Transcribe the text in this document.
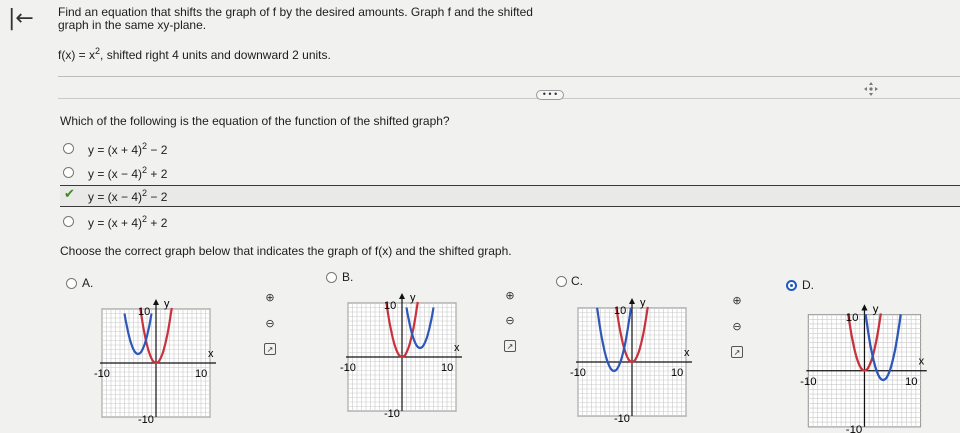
|← Find an equation that shifts the graph of f by the desired amounts. Graph f and the shifted
graph in the same xy-plane.
$f(x) = x^2$, shifted right 4 units and downward 2 units.
• • •
Which of the following is the equation of the function of the shifted graph?
$y = (x + 4)^2 - 2$
$y = (x - 4)^2 + 2$
✔ $y = (x - 4)^2 - 2$
$y = (x + 4)^2 + 2$
Choose the correct graph below that indicates the graph of f(x) and the shifted graph.
A.
y
x
10
-10
10
-10
⊕
⊖
↗
B.
y
x
10
-10
10
-10
⊕
⊖
↗
C.
y
x
10
-10
10
-10
⊕
⊖
↗
D.
y
x
10
-10
10
-10
